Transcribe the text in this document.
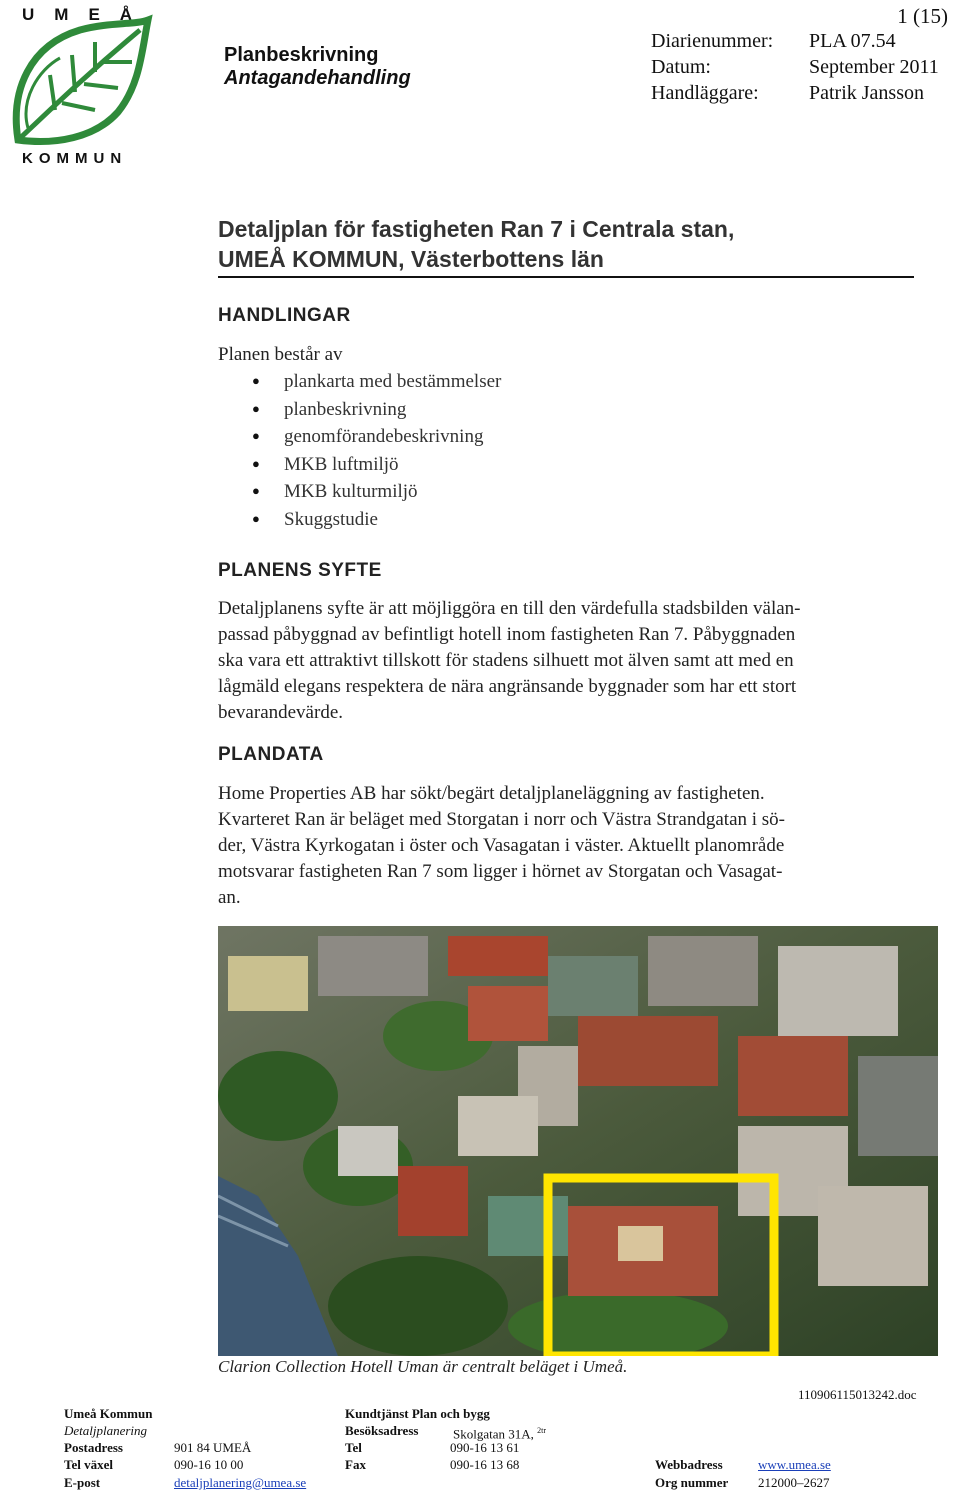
UMEÅ
KOMMUN
1 (15)
Planbeskrivning
Antagandehandling
Diarienummer:	PLA 07.54
Datum:	September 2011
Handläggare:	Patrik Jansson
Detaljplan för fastigheten Ran 7 i Centrala stan,
UMEÅ KOMMUN, Västerbottens län
HANDLINGAR
Planen består av
● plankarta med bestämmelser
● planbeskrivning
● genomförandebeskrivning
● MKB luftmiljö
● MKB kulturmiljö
● Skuggstudie
PLANENS SYFTE
Detaljplanens syfte är att möjliggöra en till den värdefulla stadsbilden välan-
passad påbyggnad av befintligt hotell inom fastigheten Ran 7. Påbyggnaden
ska vara ett attraktivt tillskott för stadens silhuett mot älven samt att med en
lågmäld elegans respektera de nära angränsande byggnader som har ett stort
bevarandevärde.
PLANDATA
Home Properties AB har sökt/begärt detaljplaneläggning av fastigheten.
Kvarteret Ran är beläget med Storgatan i norr och Västra Strandgatan i sö-
der, Västra Kyrkogatan i öster och Vasagatan i väster. Aktuellt planområde
motsvarar fastigheten Ran 7 som ligger i hörnet av Storgatan och Vasagat-
an.
Clarion Collection Hotell Uman är centralt beläget i Umeå.
110906115013242.doc
Umeå Kommun
Detaljplanering
Postadress	901 84 UMEÅ
Tel växel	090-16 10 00
E-post	detaljplanering@umea.se
Kundtjänst Plan och bygg
Besöksadress	Skolgatan 31A, $^{2tr}$
Tel	090-16 13 61
Fax	090-16 13 68	Webbadress	www.umea.se
Org nummer 212000–2627
